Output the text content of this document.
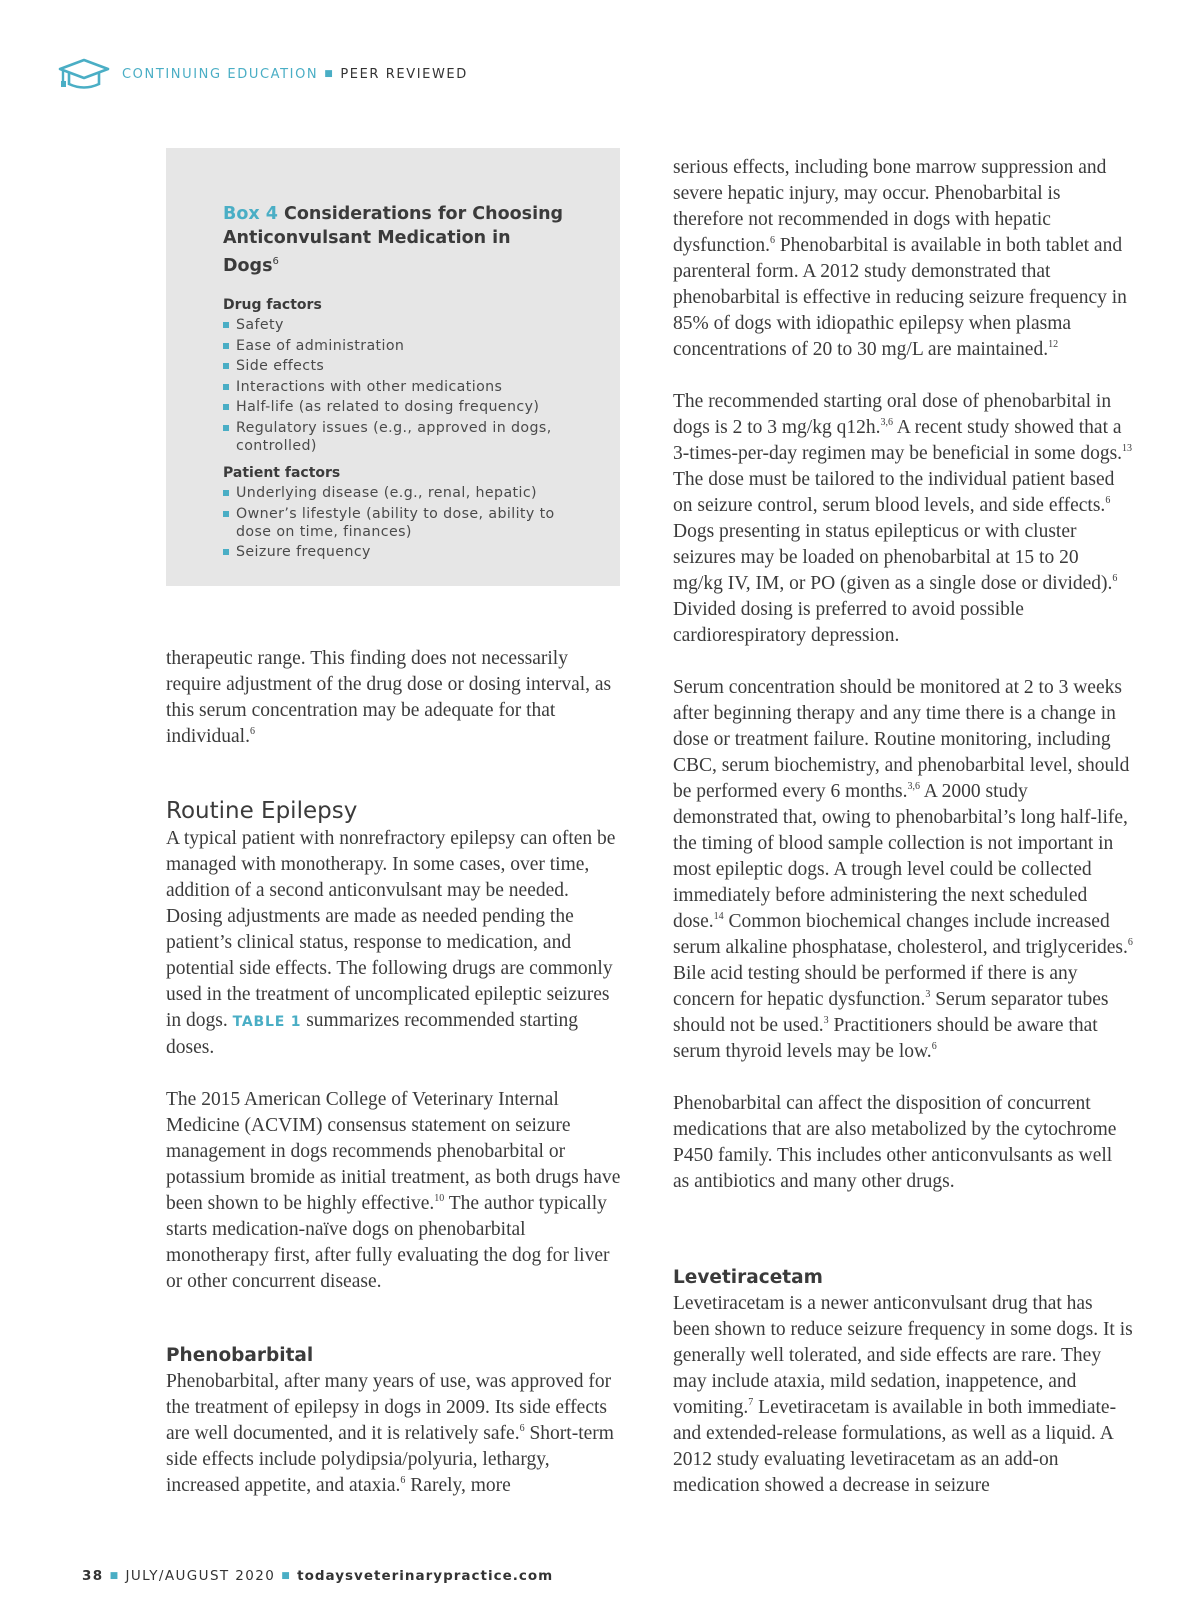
CONTINUING EDUCATION ■ PEER REVIEWED
Box 4 Considerations for Choosing Anticonvulsant Medication in Dogs$^6$
Drug factors
Safety
Ease of administration
Side effects
Interactions with other medications
Half-life (as related to dosing frequency)
Regulatory issues (e.g., approved in dogs, controlled)
Patient factors
Underlying disease (e.g., renal, hepatic)
Owner’s lifestyle (ability to dose, ability to dose on time, finances)
Seizure frequency

therapeutic range. This finding does not necessarily require adjustment of the drug dose or dosing interval, as this serum concentration may be adequate for that individual.$^6$

Routine Epilepsy

A typical patient with nonrefractory epilepsy can often be managed with monotherapy. In some cases, over time, addition of a second anticonvulsant may be needed. Dosing adjustments are made as needed pending the patient’s clinical status, response to medication, and potential side effects. The following drugs are commonly used in the treatment of uncomplicated epileptic seizures in dogs. TABLE 1 summarizes recommended starting doses.

The 2015 American College of Veterinary Internal Medicine (ACVIM) consensus statement on seizure management in dogs recommends phenobarbital or potassium bromide as initial treatment, as both drugs have been shown to be highly effective.$^{10}$ The author typically starts medication-naïve dogs on phenobarbital monotherapy first, after fully evaluating the dog for liver or other concurrent disease.

Phenobarbital

Phenobarbital, after many years of use, was approved for the treatment of epilepsy in dogs in 2009. Its side effects are well documented, and it is relatively safe.$^6$ Short-term side effects include polydipsia/polyuria, lethargy, increased appetite, and ataxia.$^6$ Rarely, more

serious effects, including bone marrow suppression and severe hepatic injury, may occur. Phenobarbital is therefore not recommended in dogs with hepatic dysfunction.$^6$ Phenobarbital is available in both tablet and parenteral form. A 2012 study demonstrated that phenobarbital is effective in reducing seizure frequency in 85% of dogs with idiopathic epilepsy when plasma concentrations of 20 to 30 mg/L are maintained.$^{12}$

The recommended starting oral dose of phenobarbital in dogs is 2 to 3 mg/kg q12h.$^{3,6}$ A recent study showed that a 3-times-per-day regimen may be beneficial in some dogs.$^{13}$ The dose must be tailored to the individual patient based on seizure control, serum blood levels, and side effects.$^6$ Dogs presenting in status epilepticus or with cluster seizures may be loaded on phenobarbital at 15 to 20 mg/kg IV, IM, or PO (given as a single dose or divided).$^6$ Divided dosing is preferred to avoid possible cardiorespiratory depression.

Serum concentration should be monitored at 2 to 3 weeks after beginning therapy and any time there is a change in dose or treatment failure. Routine monitoring, including CBC, serum biochemistry, and phenobarbital level, should be performed every 6 months.$^{3,6}$ A 2000 study demonstrated that, owing to phenobarbital’s long half-life, the timing of blood sample collection is not important in most epileptic dogs. A trough level could be collected immediately before administering the next scheduled dose.$^{14}$ Common biochemical changes include increased serum alkaline phosphatase, cholesterol, and triglycerides.$^6$ Bile acid testing should be performed if there is any concern for hepatic dysfunction.$^3$ Serum separator tubes should not be used.$^3$ Practitioners should be aware that serum thyroid levels may be low.$^6$

Phenobarbital can affect the disposition of concurrent medications that are also metabolized by the cytochrome P450 family. This includes other anticonvulsants as well as antibiotics and many other drugs.

Levetiracetam

Levetiracetam is a newer anticonvulsant drug that has been shown to reduce seizure frequency in some dogs. It is generally well tolerated, and side effects are rare. They may include ataxia, mild sedation, inappetence, and vomiting.$^7$ Levetiracetam is available in both immediate- and extended-release formulations, as well as a liquid. A 2012 study evaluating levetiracetam as an add-on medication showed a decrease in seizure

38 ■ JULY/AUGUST 2020 ■ todaysveterinarypractice.com
